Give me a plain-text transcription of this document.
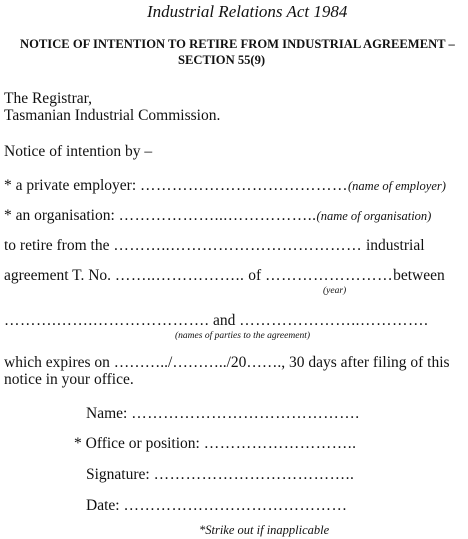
Industrial Relations Act 1984
NOTICE OF INTENTION TO RETIRE FROM INDUSTRIAL AGREEMENT –
SECTION 55(9)
The Registrar,
Tasmanian Industrial Commission.
Notice of intention by –
* a private employer: …………………………………(name of employer)
* an organisation: ………………...……………..(name of organisation)
to retire from the ………..……………………………… industrial
agreement T. No. ……..…………….. of ……………………between
(year)
……….…….…………………. and …………………..………….
(names of parties to the agreement)
which expires on ………../………../20……., 30 days after filing of this
notice in your office.
Name: …………………………………….
* Office or position: ………………………..
Signature: ………………………………..
Date: ……………………………………
*Strike out if inapplicable
